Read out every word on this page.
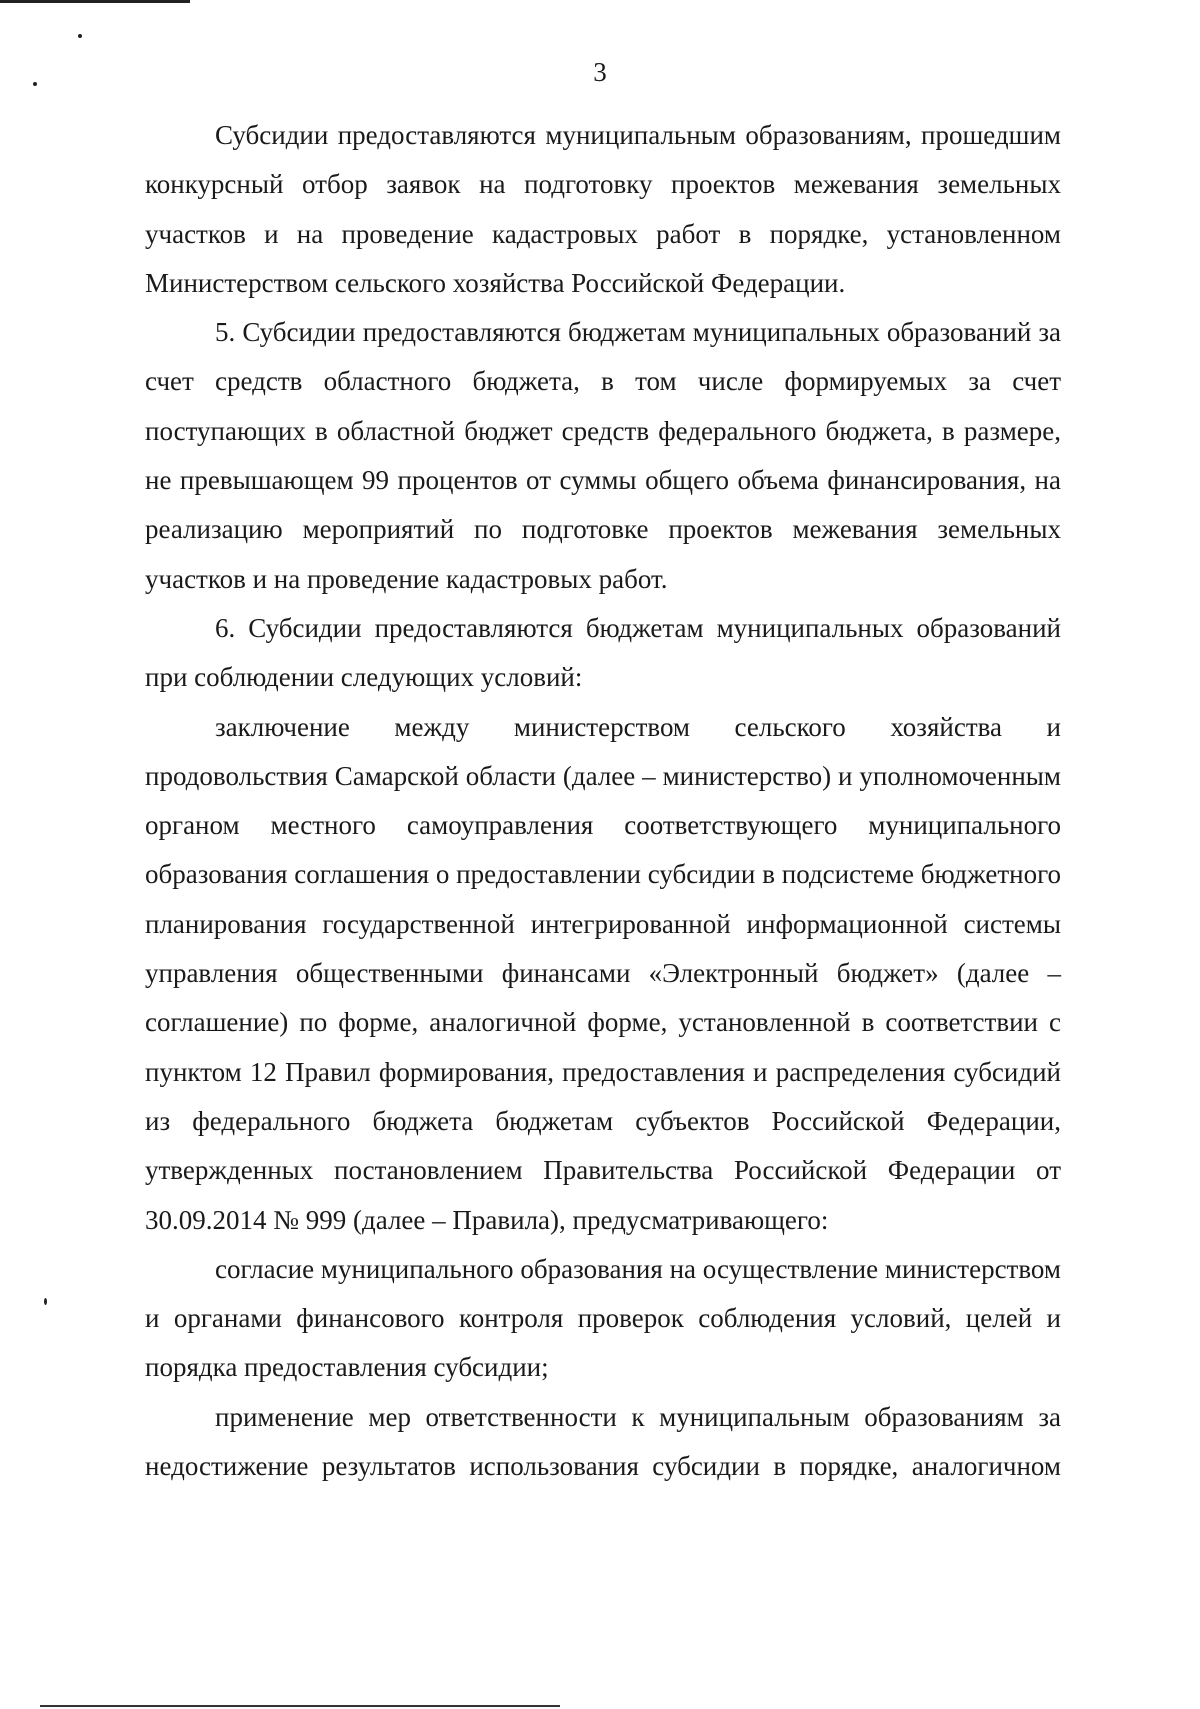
3

Субсидии предоставляются муниципальным образованиям, прошедшим конкурсный отбор заявок на подготовку проектов межевания земельных участков и на проведение кадастровых работ в порядке, установленном Министерством сельского хозяйства Российской Федерации.

5. Субсидии предоставляются бюджетам муниципальных образований за счет средств областного бюджета, в том числе формируемых за счет поступающих в областной бюджет средств федерального бюджета, в размере, не превышающем 99 процентов от суммы общего объема финансирования, на реализацию мероприятий по подготовке проектов межевания земельных участков и на проведение кадастровых работ.

6. Субсидии предоставляются бюджетам муниципальных образований при соблюдении следующих условий:

заключение между министерством сельского хозяйства и продовольствия Самарской области (далее – министерство) и уполномоченным органом местного самоуправления соответствующего муниципального образования соглашения о предоставлении субсидии в подсистеме бюджетного планирования государственной интегрированной информационной системы управления общественными финансами «Электронный бюджет» (далее – соглашение) по форме, аналогичной форме, установленной в соответствии с пунктом 12 Правил формирования, предоставления и распределения субсидий из федерального бюджета бюджетам субъектов Российской Федерации, утвержденных постановлением Правительства Российской Федерации от 30.09.2014 № 999 (далее – Правила), предусматривающего:

согласие муниципального образования на осуществление министерством и органами финансового контроля проверок соблюдения условий, целей и порядка предоставления субсидии;

применение мер ответственности к муниципальным образованиям за недостижение результатов использования субсидии в порядке, аналогичном
